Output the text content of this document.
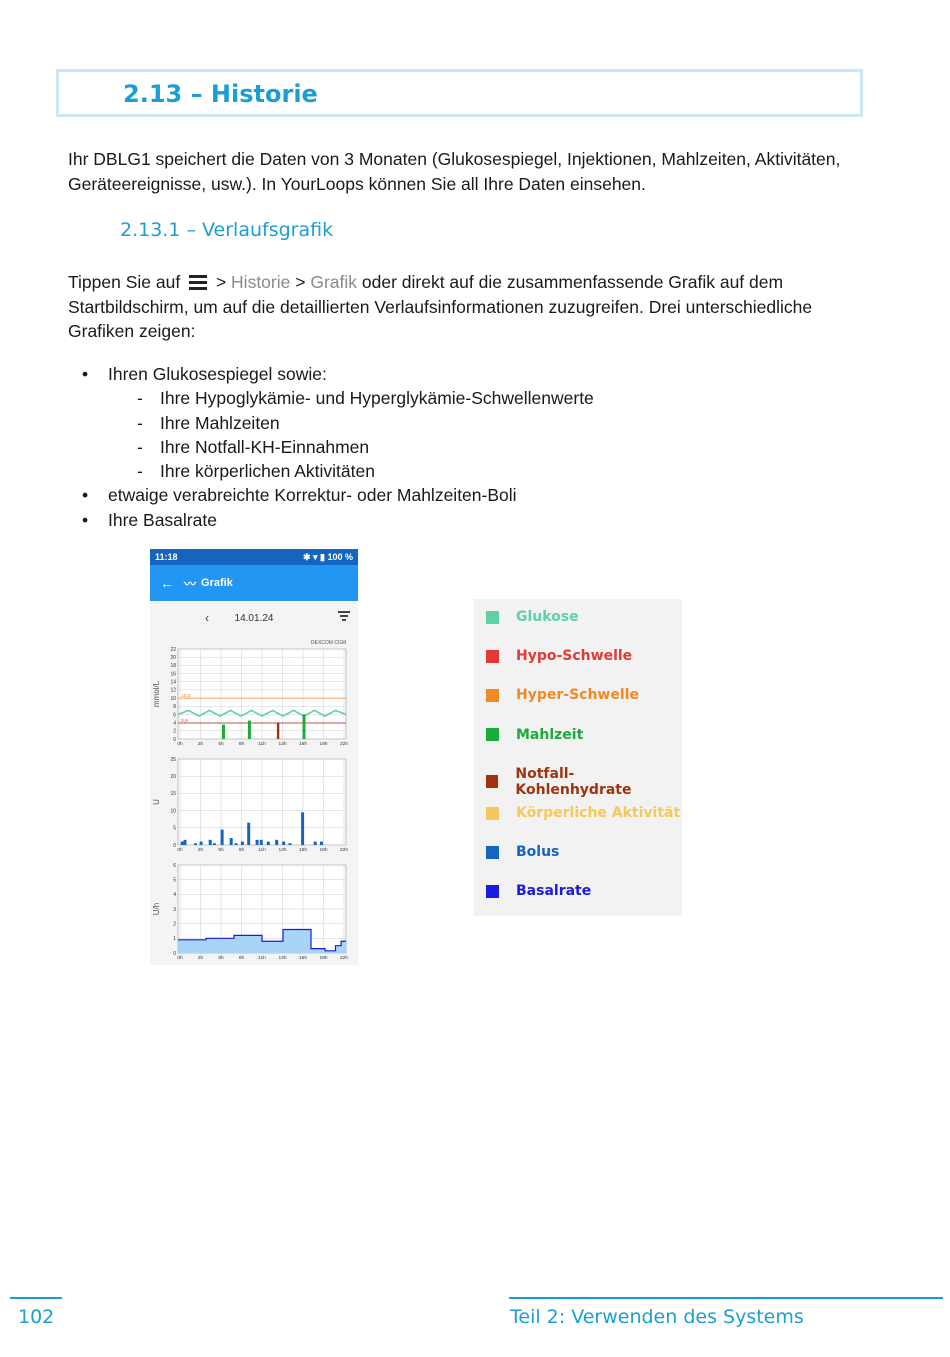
2.13 – Historie
Ihr DBLG1 speichert die Daten von 3 Monaten (Glukosespiegel, Injektionen, Mahlzeiten, Aktivitäten, Geräteereignisse, usw.). In YourLoops können Sie all Ihre Daten einsehen.
2.13.1 – Verlaufsgrafik
Tippen Sie auf
> Historie > Grafik oder direkt auf die zusammenfassende Grafik auf dem Startbildschirm, um auf die detaillierten Verlaufsinformationen zuzugreifen. Drei unterschiedliche Grafiken zeigen:
• Ihren Glukosespiegel sowie:
- Ihre Hypoglykämie- und Hyperglykämie-Schwellenwerte
- Ihre Mahlzeiten
- Ihre Notfall-KH-Einnahmen
- Ihre körperlichen Aktivitäten
• etwaige verabreichte Korrektur- oder Mahlzeiten-Boli
• Ihre Basalrate
11:18	✱ ▾ ▮ 100 %
← 〰 Grafik
‹	14.01.24
DEXCOM CGM
0
2
4
6
8
10
12
14
16
18
20
22
0h	2h	5h	8h	11h	13h	16h	19h	22h
mmol/L	10,0
3,9
0
5
10
15
20
25
0h	2h	5h	8h	11h	13h	16h	19h	22h
U
0
1
2
3
4
5
6
0h	2h	5h	8h	11h	13h	16h	19h	22h
U/h
Glukose
Hypo-Schwelle
Hyper-Schwelle
Mahlzeit
Notfall-Kohlenhydrate
Körperliche Aktivität
Bolus
Basalrate
102	Teil 2: Verwenden des Systems
